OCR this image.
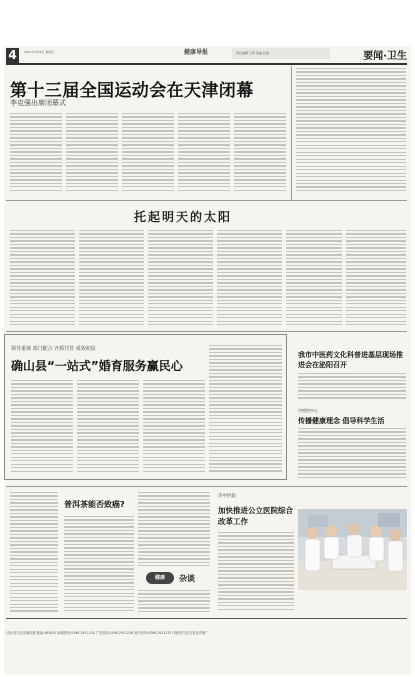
4	2017年9月8日 星期五	健康导报	责任编辑 王辉 美编 张强	要闻·卫生
第十三届全国运动会在天津闭幕
李克强出席闭幕式
托起明天的太阳
领导重视 部门配合 齐抓共管 成效初显
确山县“一站式”婚育服务赢民心
我市中医药文化科普进基层现场推进会在泌阳召开
市疾控中心
传播健康理念 倡导科学生活
普洱茶能否致癌?
健康	杂谈
市中医院
加快推进公立医院综合改革工作
社址:驻马店市解放路 邮编:463000 新闻热线:0396-2911234 广告热线:0396-2911236 发行热线:0396-2911235 印刷:驻马店日报社印刷厂
